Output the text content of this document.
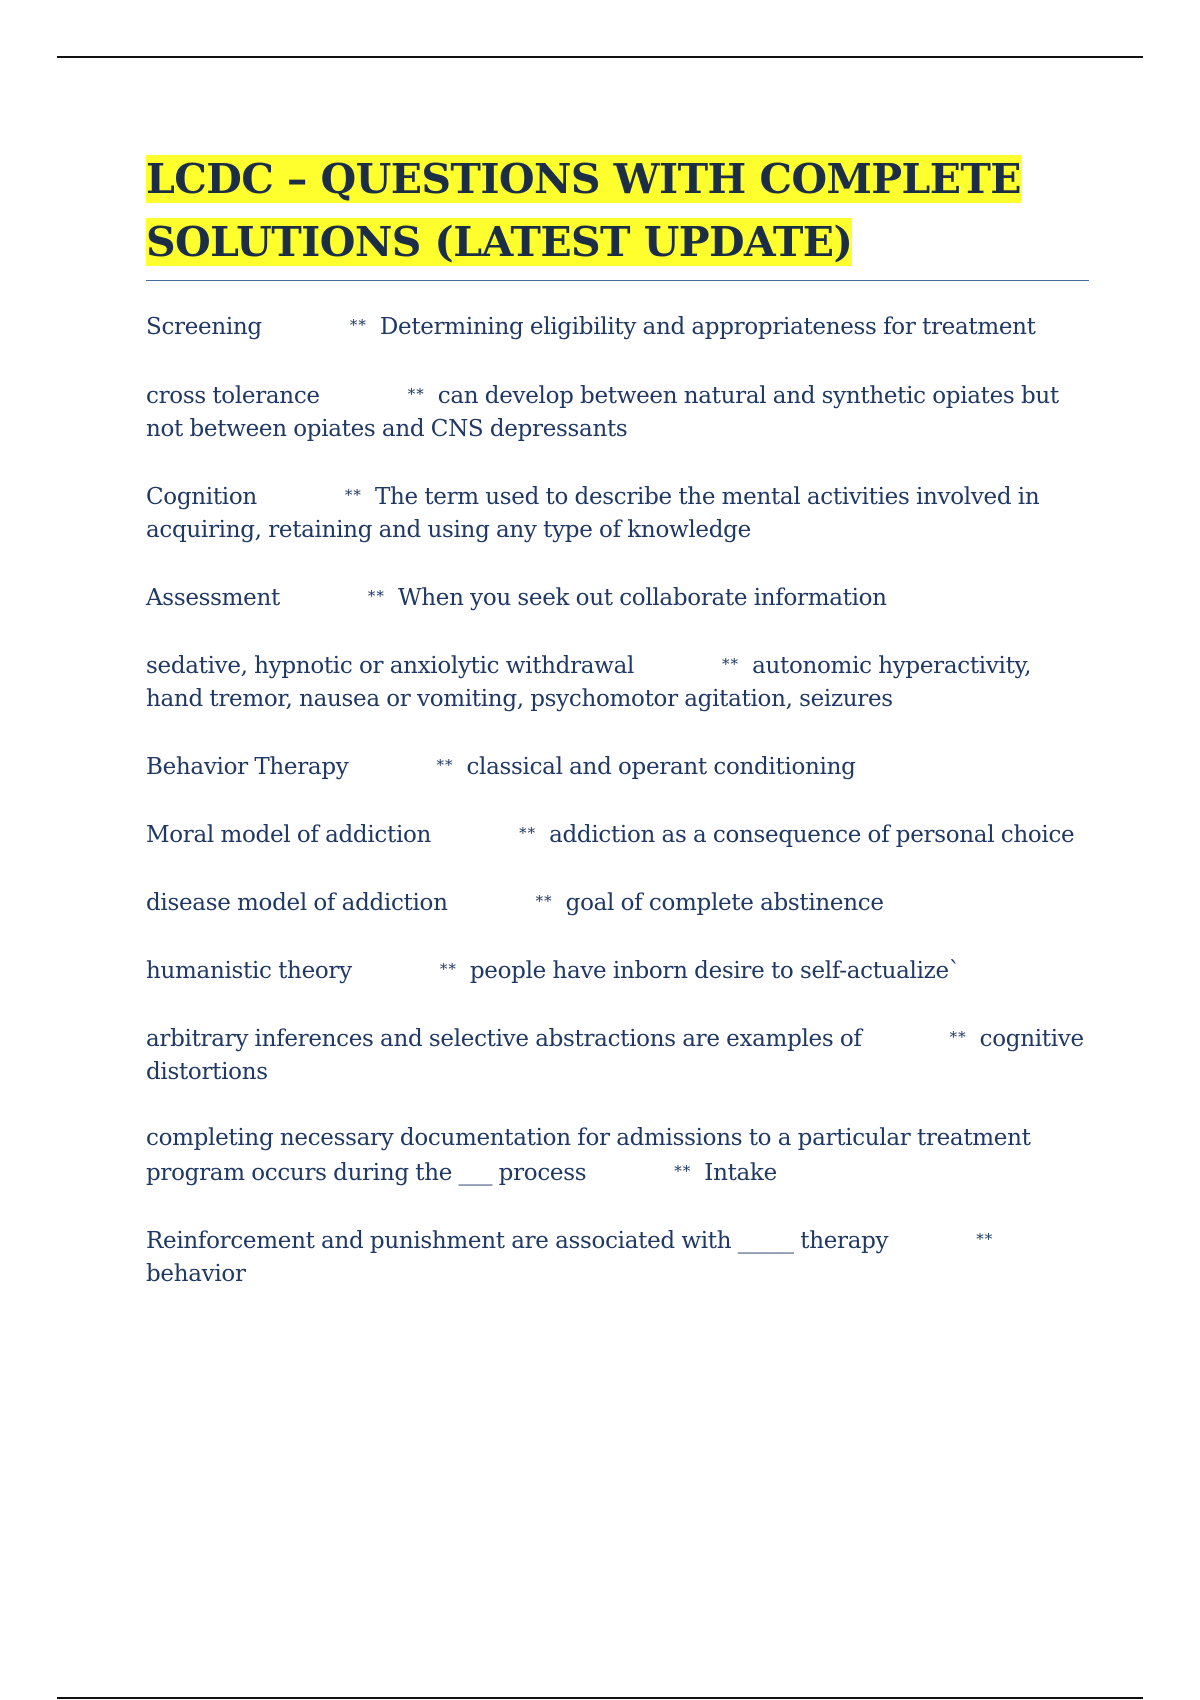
LCDC – QUESTIONS WITH COMPLETE
SOLUTIONS (LATEST UPDATE)

Screening	** Determining eligibility and appropriateness for treatment

cross tolerance	** can develop between natural and synthetic opiates but not between opiates and CNS depressants

Cognition	** The term used to describe the mental activities involved in acquiring, retaining and using any type of knowledge

Assessment	** When you seek out collaborate information

sedative, hypnotic or anxiolytic withdrawal	** autonomic hyperactivity, hand tremor, nausea or vomiting, psychomotor agitation, seizures

Behavior Therapy	** classical and operant conditioning

Moral model of addiction	** addiction as a consequence of personal choice

disease model of addiction	** goal of complete abstinence

humanistic theory	** people have inborn desire to self-actualize`

arbitrary inferences and selective abstractions are examples of	** cognitive distortions

completing necessary documentation for admissions to a particular treatment program occurs during the ___ process	** Intake

Reinforcement and punishment are associated with _____ therapy	**  behavior
